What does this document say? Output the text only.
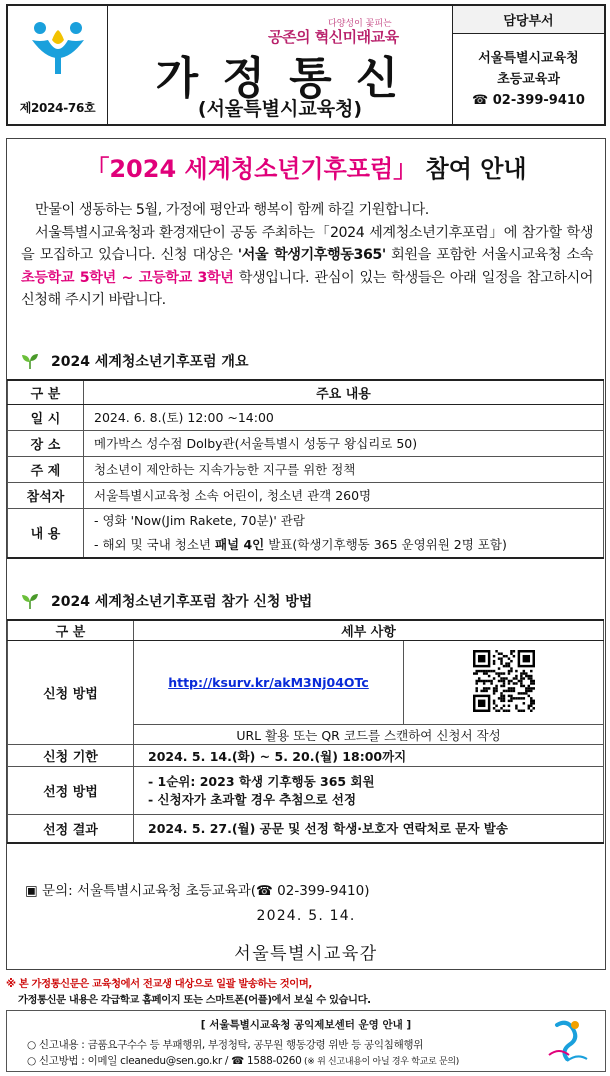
제2024-76호
다양성이 꽃피는
공존의 혁신미래교육
가 정 통 신
(서울특별시교육청)
담당부서
서울특별시교육청
초등교육과
☎ 02-399-9410
「2024 세계청소년기후포럼」 참여 안내

만물이 생동하는 5월, 가정에 평안과 행복이 함께 하길 기원합니다.

서울특별시교육청과 환경재단이 공동 주최하는「2024 세계청소년기후포럼」에 참가할 학생을 모집하고 있습니다. 신청 대상은 '서울 학생기후행동365' 회원을 포함한 서울시교육청 소속 초등학교 5학년 ~ 고등학교 3학년 학생입니다. 관심이 있는 학생들은 아래 일정을 참고하시어 신청해 주시기 바랍니다.

2024 세계청소년기후포럼 개요
구 분	주요 내용
일 시	2024. 6. 8.(토) 12:00 ~14:00
장 소	메가박스 성수점 Dolby관(서울특별시 성동구 왕십리로 50)
주 제	청소년이 제안하는 지속가능한 지구를 위한 정책
참석자	서울특별시교육청 소속 어린이, 청소년 관객 260명
내 용	- 영화 'Now(Jim Rakete, 70분)' 관람
- 해외 및 국내 청소년 패널 4인 발표(학생기후행동 365 운영위원 2명 포함)
2024 세계청소년기후포럼 참가 신청 방법
구 분	세부 사항	
신청 방법	http://ksurv.kr/akM3Nj04OTc	
	URL 활용 또는 QR 코드를 스캔하여 신청서 작성	
신청 기한	2024. 5. 14.(화) ~ 5. 20.(월) 18:00까지	
선정 방법	- 1순위: 2023 학생 기후행동 365 회원
- 신청자가 초과할 경우 추첨으로 선정	

선정 결과	2024. 5. 27.(월) 공문 및 선정 학생·보호자 연락처로 문자 발송	
▣ 문의: 서울특별시교육청 초등교육과(☎ 02-399-9410)
2024. 5. 14.
서울특별시교육감
※ 본 가정통신문은 교육청에서 전교생 대상으로 일괄 발송하는 것이며,
가정통신문 내용은 각급학교 홈페이지 또는 스마트폰(어플)에서 보실 수 있습니다.
[ 서울특별시교육청 공익제보센터 운영 안내 ]
○ 신고내용 : 금품요구수수 등 부패행위, 부정청탁, 공무원 행동강령 위반 등 공익침해행위
○ 신고방법 : 이메일 cleanedu@sen.go.kr / ☎ 1588-0260 (※ 위 신고내용이 아닐 경우 학교로 문의)
